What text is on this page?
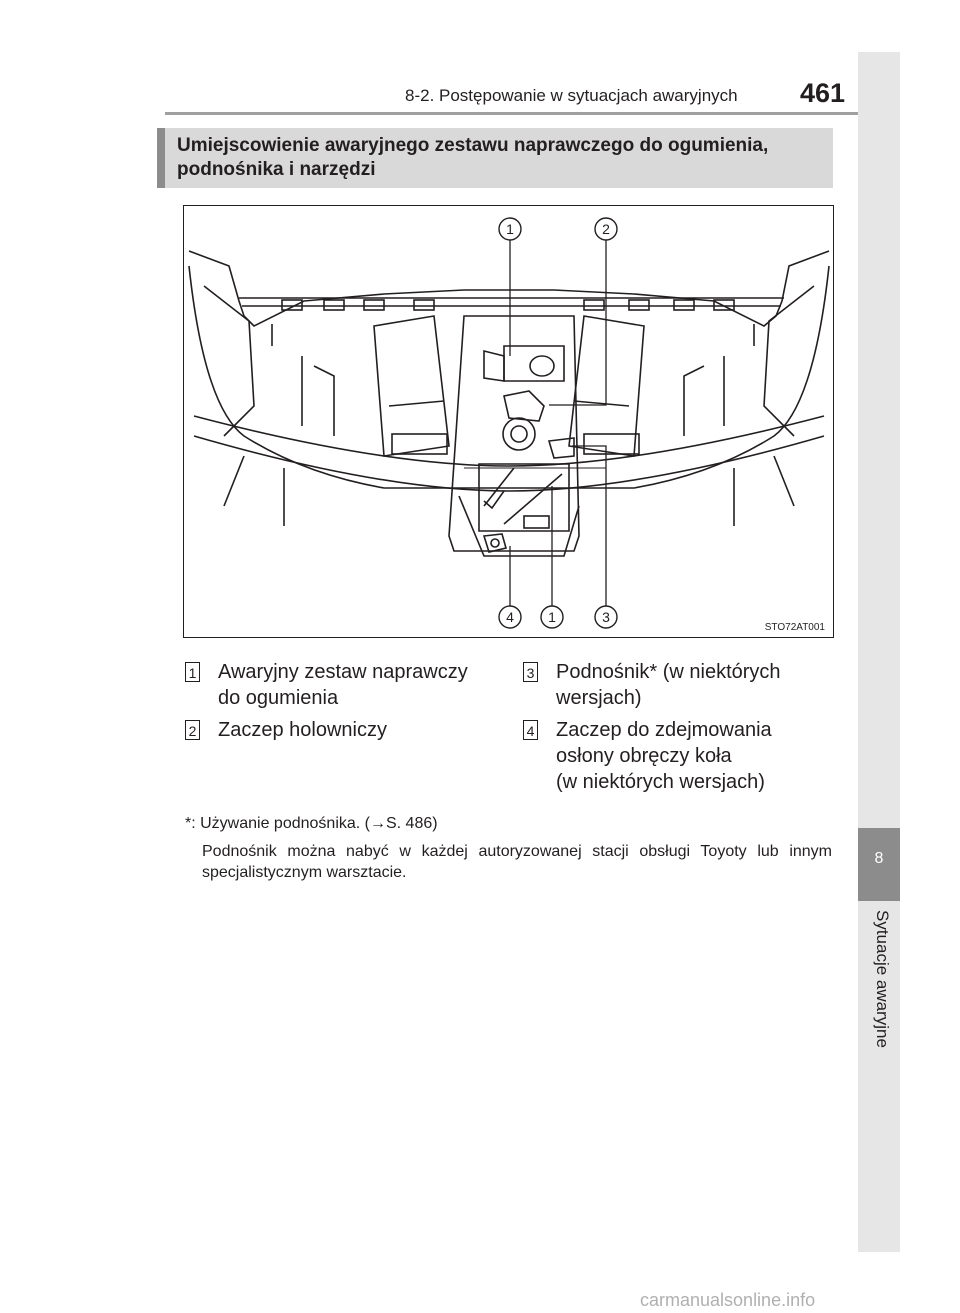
8-2. Postępowanie w sytuacjach awaryjnych 461
8
Sytuacje awaryjne
Umiejscowienie awaryjnego zestawu naprawczego do ogumienia,
podnośnika i narzędzi
1	2
4 1	3
STO72AT001
1 Awaryjny zestaw naprawczy
do ogumienia
2 Zaczep holowniczy
3 Podnośnik* (w niektórych
wersjach)
4 Zaczep do zdejmowania
osłony obręczy koła
(w niektórych wersjach)
*: Używanie podnośnika. (→S. 486)
Podnośnik można nabyć w każdej autoryzowanej stacji obsługi Toyoty lub innym specjalistycznym warsztacie.
carmanualsonline.info
